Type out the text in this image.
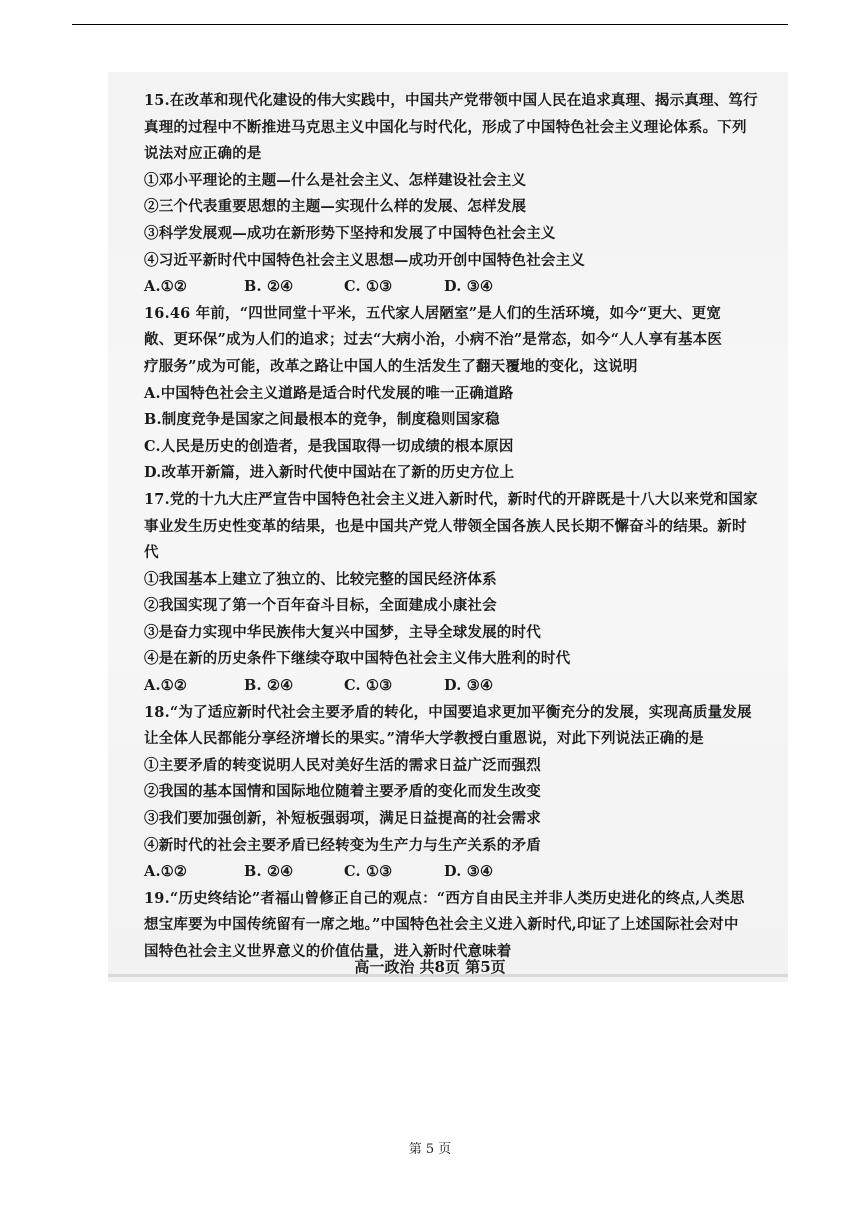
15.在改革和现代化建设的伟大实践中，中国共产党带领中国人民在追求真理、揭示真理、笃行
真理的过程中不断推进马克思主义中国化与时代化，形成了中国特色社会主义理论体系。下列
说法对应正确的是
①邓小平理论的主题—什么是社会主义、怎样建设社会主义
②三个代表重要思想的主题—实现什么样的发展、怎样发展
③科学发展观—成功在新形势下坚持和发展了中国特色社会主义
④习近平新时代中国特色社会主义思想—成功开创中国特色社会主义
A.①②	B. ②④	C. ①③	D. ③④
16.46 年前，“四世同堂十平米，五代家人居陋室”是人们的生活环境，如今“更大、更宽
敞、更环保”成为人们的追求；过去“大病小治，小病不治”是常态，如今“人人享有基本医
疗服务”成为可能，改革之路让中国人的生活发生了翻天覆地的变化，这说明
A.中国特色社会主义道路是适合时代发展的唯一正确道路
B.制度竞争是国家之间最根本的竞争，制度稳则国家稳
C.人民是历史的创造者，是我国取得一切成绩的根本原因
D.改革开新篇，进入新时代使中国站在了新的历史方位上
17.党的十九大庄严宣告中国特色社会主义进入新时代，新时代的开辟既是十八大以来党和国家
事业发生历史性变革的结果，也是中国共产党人带领全国各族人民长期不懈奋斗的结果。新时
代
①我国基本上建立了独立的、比较完整的国民经济体系
②我国实现了第一个百年奋斗目标，全面建成小康社会
③是奋力实现中华民族伟大复兴中国梦，主导全球发展的时代
④是在新的历史条件下继续夺取中国特色社会主义伟大胜利的时代
A.①②	B. ②④	C. ①③	D. ③④
18.“为了适应新时代社会主要矛盾的转化，中国要追求更加平衡充分的发展，实现高质量发展
让全体人民都能分享经济增长的果实。”清华大学教授白重恩说，对此下列说法正确的是
①主要矛盾的转变说明人民对美好生活的需求日益广泛而强烈
②我国的基本国情和国际地位随着主要矛盾的变化而发生改变
③我们要加强创新，补短板强弱项，满足日益提高的社会需求
④新时代的社会主要矛盾已经转变为生产力与生产关系的矛盾
A.①②	B. ②④	C. ①③	D. ③④
19.“历史终结论”者福山曾修正自己的观点：“西方自由民主并非人类历史进化的终点,人类思
想宝库要为中国传统留有一席之地。”中国特色社会主义进入新时代,印证了上述国际社会对中
国特色社会主义世界意义的价值估量，进入新时代意味着
高一政治 共8页 第5页
第 5 页
